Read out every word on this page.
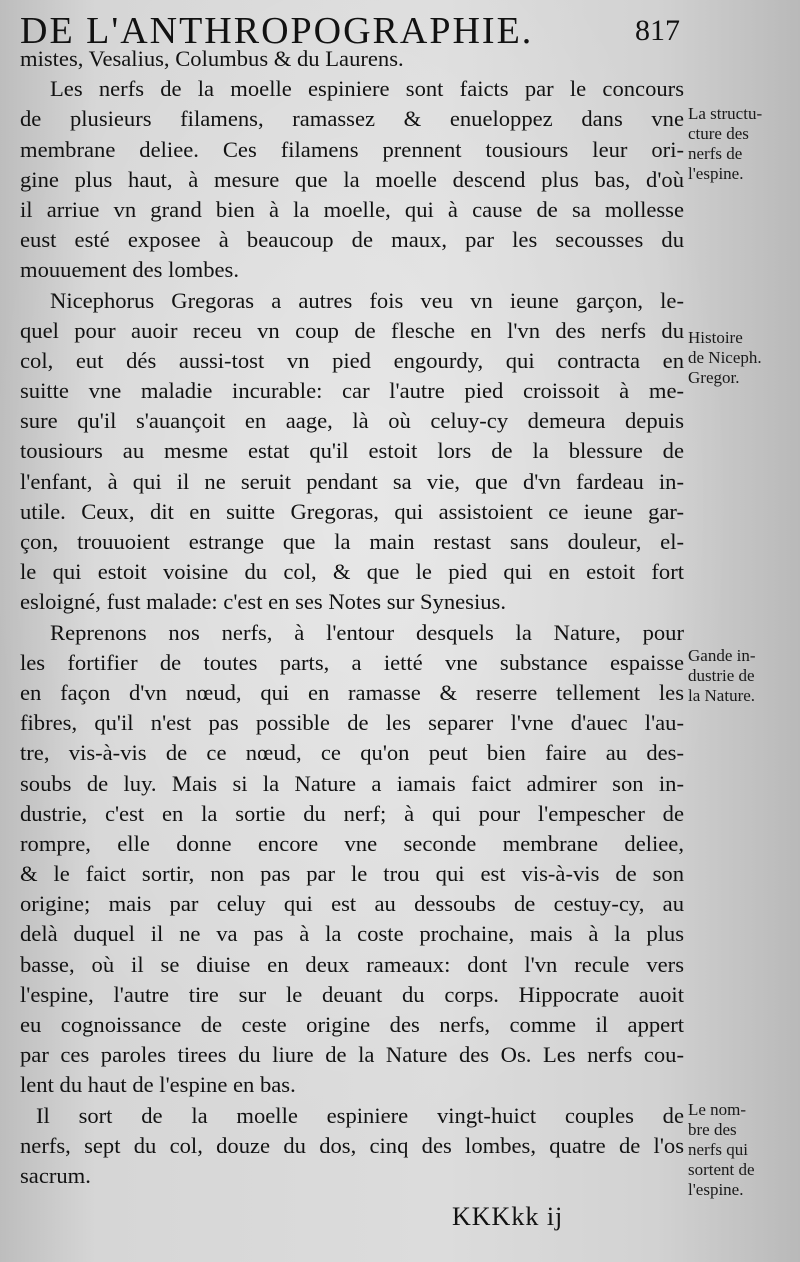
DE L'ANTHROPOGRAPHIE.	817
mistes, Vesalius, Columbus & du Laurens.
Les nerfs de la moelle espiniere sont faicts par le concours
de plusieurs filamens, ramassez & enueloppez dans vne
membrane deliee. Ces filamens prennent tousiours leur ori-
gine plus haut, à mesure que la moelle descend plus bas, d'où
il arriue vn grand bien à la moelle, qui à cause de sa mollesse
eust esté exposee à beaucoup de maux, par les secousses du
mouuement des lombes.
Nicephorus Gregoras a autres fois veu vn ieune garçon, le-
quel pour auoir receu vn coup de flesche en l'vn des nerfs du
col, eut dés aussi-tost vn pied engourdy, qui contracta en
suitte vne maladie incurable: car l'autre pied croissoit à me-
sure qu'il s'auançoit en aage, là où celuy-cy demeura depuis
tousiours au mesme estat qu'il estoit lors de la blessure de
l'enfant, à qui il ne seruit pendant sa vie, que d'vn fardeau in-
utile. Ceux, dit en suitte Gregoras, qui assistoient ce ieune gar-
çon, trouuoient estrange que la main restast sans douleur, el-
le qui estoit voisine du col, & que le pied qui en estoit fort
esloigné, fust malade: c'est en ses Notes sur Synesius.
Reprenons nos nerfs, à l'entour desquels la Nature, pour
les fortifier de toutes parts, a ietté vne substance espaisse
en façon d'vn nœud, qui en ramasse & reserre tellement les
fibres, qu'il n'est pas possible de les separer l'vne d'auec l'au-
tre, vis-à-vis de ce nœud, ce qu'on peut bien faire au des-
soubs de luy. Mais si la Nature a iamais faict admirer son in-
dustrie, c'est en la sortie du nerf; à qui pour l'empescher de
rompre, elle donne encore vne seconde membrane deliee,
& le faict sortir, non pas par le trou qui est vis-à-vis de son
origine; mais par celuy qui est au dessoubs de cestuy-cy, au
delà duquel il ne va pas à la coste prochaine, mais à la plus
basse, où il se diuise en deux rameaux: dont l'vn recule vers
l'espine, l'autre tire sur le deuant du corps. Hippocrate auoit
eu cognoissance de ceste origine des nerfs, comme il appert
par ces paroles tirees du liure de la Nature des Os. Les nerfs cou-
lent du haut de l'espine en bas.
Il sort de la moelle espiniere vingt-huict couples de
nerfs, sept du col, douze du dos, cinq des lombes, quatre de l'os
sacrum.
La structu-
cture des
nerfs de
l'espine.
Histoire
de Niceph.
Gregor.
Gande in-
dustrie de
la Nature.
Le nom-
bre des
nerfs qui
sortent de
l'espine.
KKKkk ij
